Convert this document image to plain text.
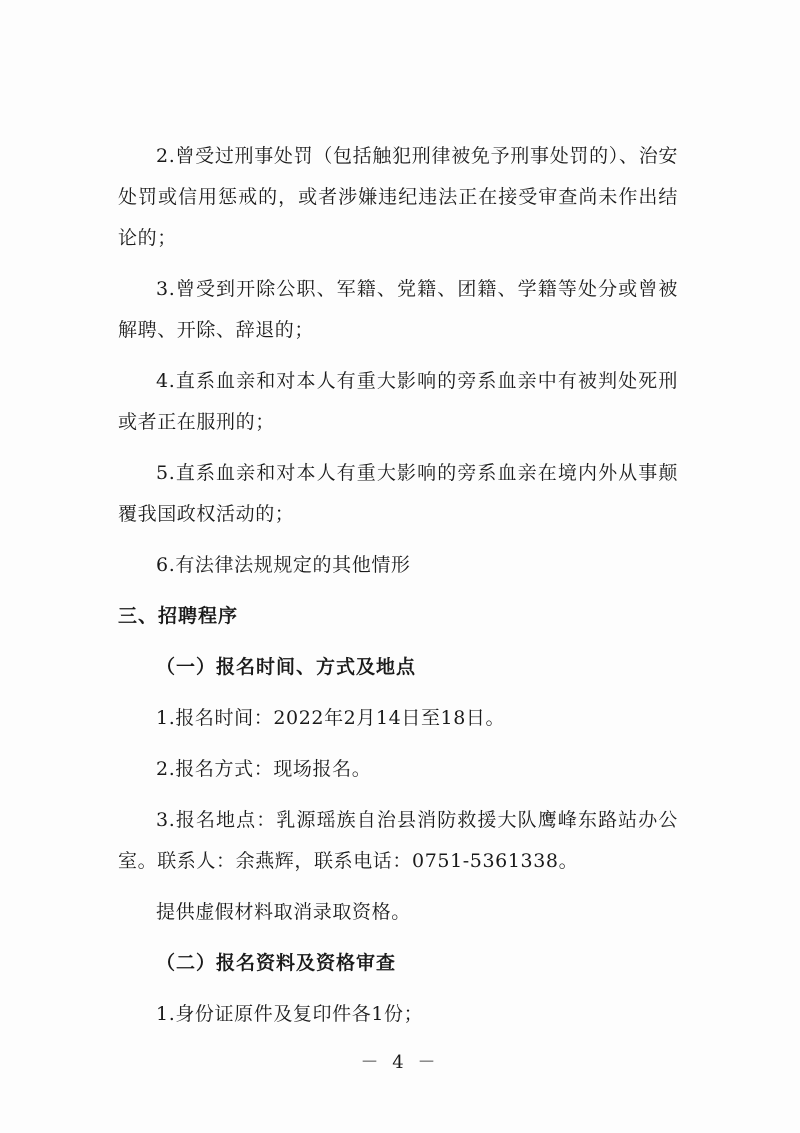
2.曾受过刑事处罚（包括触犯刑律被免予刑事处罚的）、治安处罚或信用惩戒的，或者涉嫌违纪违法正在接受审查尚未作出结论的；

3.曾受到开除公职、军籍、党籍、团籍、学籍等处分或曾被解聘、开除、辞退的；

4.直系血亲和对本人有重大影响的旁系血亲中有被判处死刑或者正在服刑的；

5.直系血亲和对本人有重大影响的旁系血亲在境内外从事颠覆我国政权活动的；

6.有法律法规规定的其他情形

三、招聘程序

（一）报名时间、方式及地点

1.报名时间：2022年2月14日至18日。

2.报名方式：现场报名。

3.报名地点：乳源瑶族自治县消防救援大队鹰峰东路站办公室。联系人：余燕辉，联系电话：0751-5361338。

提供虚假材料取消录取资格。

（二）报名资料及资格审查

1.身份证原件及复印件各1份；

－ 4 －
